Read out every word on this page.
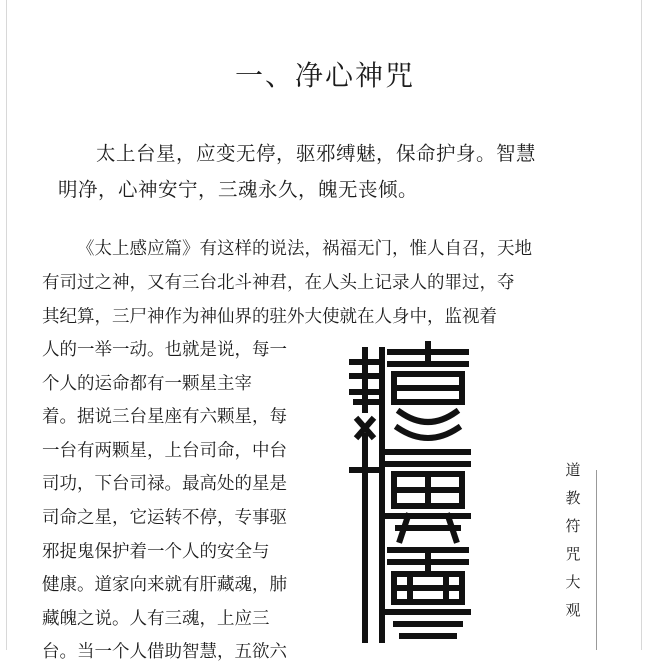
一、净心神咒
太上台星，应变无停，驱邪缚魅，保命护身。智慧
明净，心神安宁，三魂永久，魄无丧倾。
《太上感应篇》有这样的说法，祸福无门，惟人自召，天地
有司过之神，又有三台北斗神君，在人头上记录人的罪过，夺
其纪算，三尸神作为神仙界的驻外大使就在人身中，监视着
人的一举一动。也就是说，每一
个人的运命都有一颗星主宰
着。据说三台星座有六颗星，每
一台有两颗星，上台司命，中台
司功，下台司禄。最高处的星是
司命之星，它运转不停，专事驱
邪捉鬼保护着一个人的安全与
健康。道家向来就有肝藏魂，肺
藏魄之说。人有三魂，上应三
台。当一个人借助智慧，五欲六
道
教
符
咒
大
观
